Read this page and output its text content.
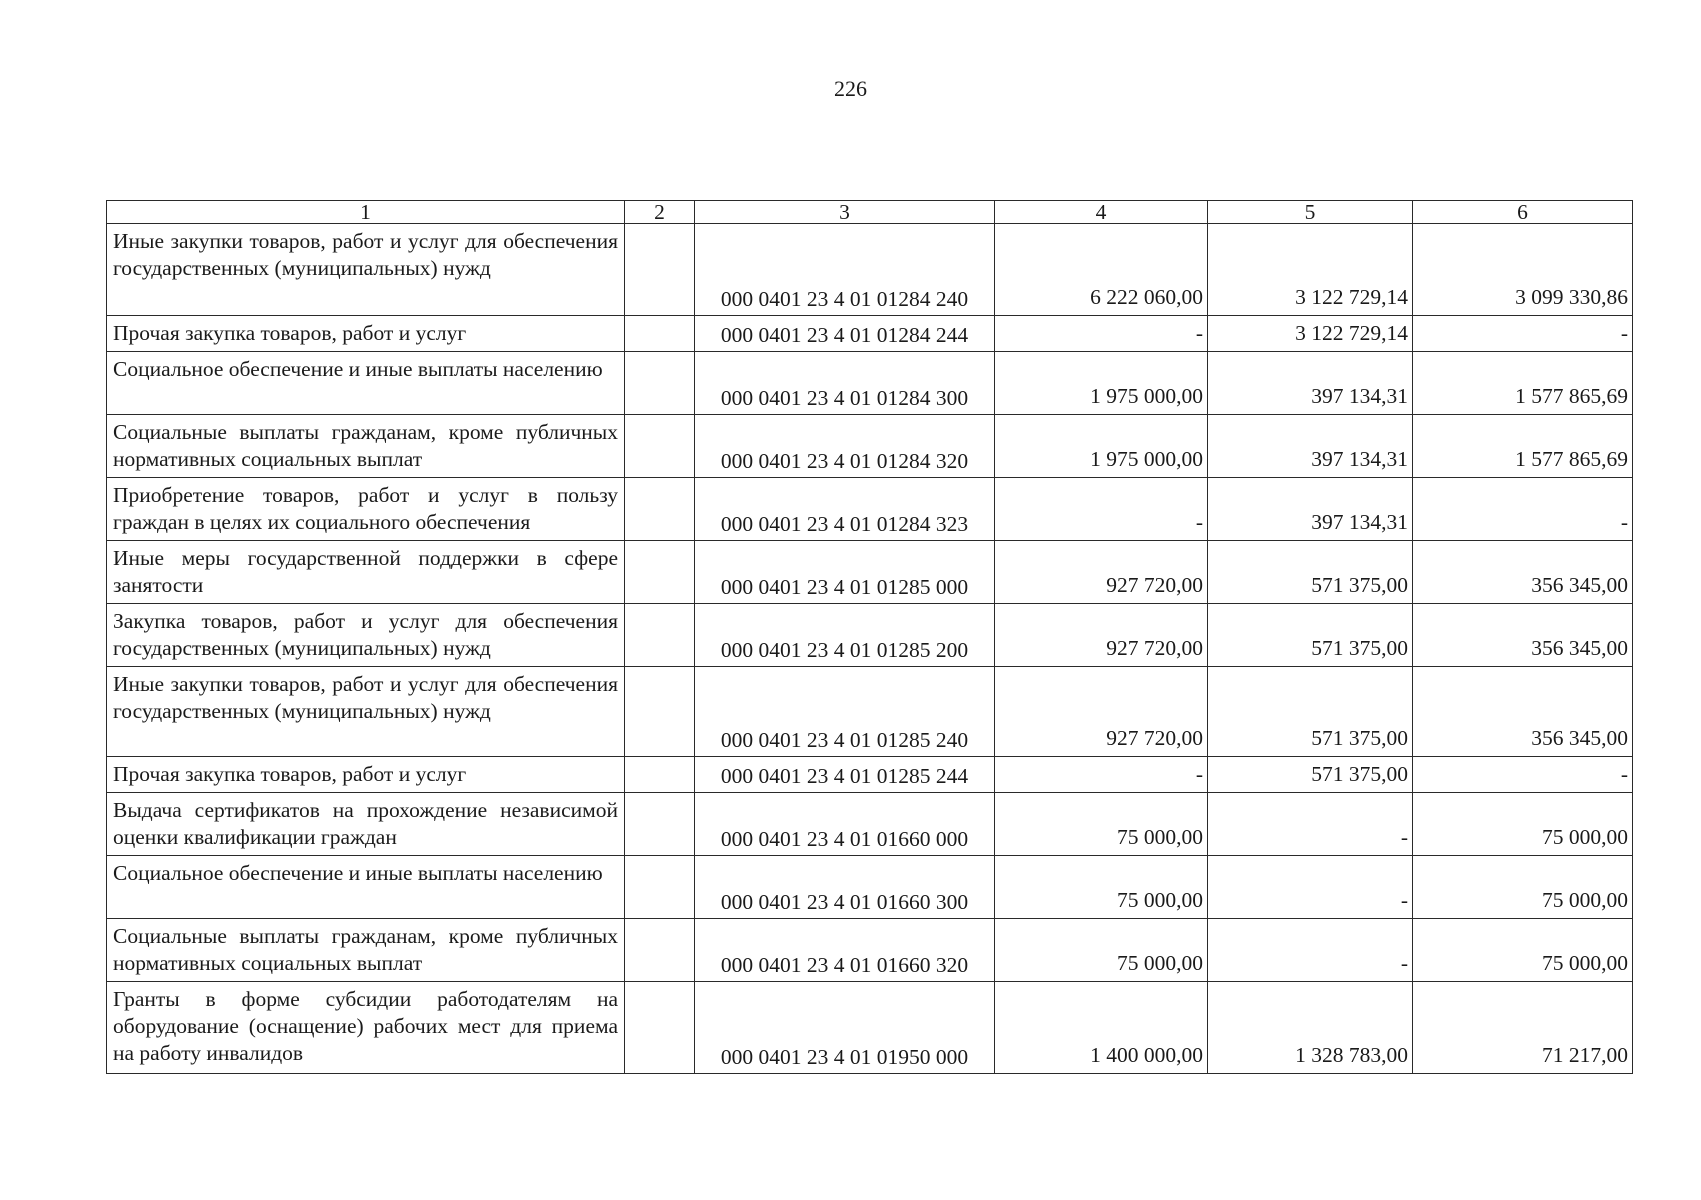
226
1	2	3	4	5	6
Иные закупки товаров, работ и услуг для обеспечения государственных (муниципальных) нужд		000 0401 23 4 01 01284 240	6 222 060,00	3 122 729,14	3 099 330,86
Прочая закупка товаров, работ и услуг		000 0401 23 4 01 01284 244	-	3 122 729,14	-
Социальное обеспечение и иные выплаты населению		000 0401 23 4 01 01284 300	1 975 000,00	397 134,31	1 577 865,69
Социальные выплаты гражданам, кроме публичных нормативных социальных выплат		000 0401 23 4 01 01284 320	1 975 000,00	397 134,31	1 577 865,69
Приобретение товаров, работ и услуг в пользу граждан в целях их социального обеспечения		000 0401 23 4 01 01284 323	-	397 134,31	-
Иные меры государственной поддержки в сфере занятости		000 0401 23 4 01 01285 000	927 720,00	571 375,00	356 345,00
Закупка товаров, работ и услуг для обеспечения государственных (муниципальных) нужд		000 0401 23 4 01 01285 200	927 720,00	571 375,00	356 345,00
Иные закупки товаров, работ и услуг для обеспечения государственных (муниципальных) нужд		000 0401 23 4 01 01285 240	927 720,00	571 375,00	356 345,00
Прочая закупка товаров, работ и услуг		000 0401 23 4 01 01285 244	-	571 375,00	-
Выдача сертификатов на прохождение независимой оценки квалификации граждан		000 0401 23 4 01 01660 000	75 000,00	-	75 000,00
Социальное обеспечение и иные выплаты населению		000 0401 23 4 01 01660 300	75 000,00	-	75 000,00
Социальные выплаты гражданам, кроме публичных нормативных социальных выплат		000 0401 23 4 01 01660 320	75 000,00	-	75 000,00
Гранты в форме субсидии работодателям на оборудование (оснащение) рабочих мест для приема на работу инвалидов		000 0401 23 4 01 01950 000	1 400 000,00	1 328 783,00	71 217,00
